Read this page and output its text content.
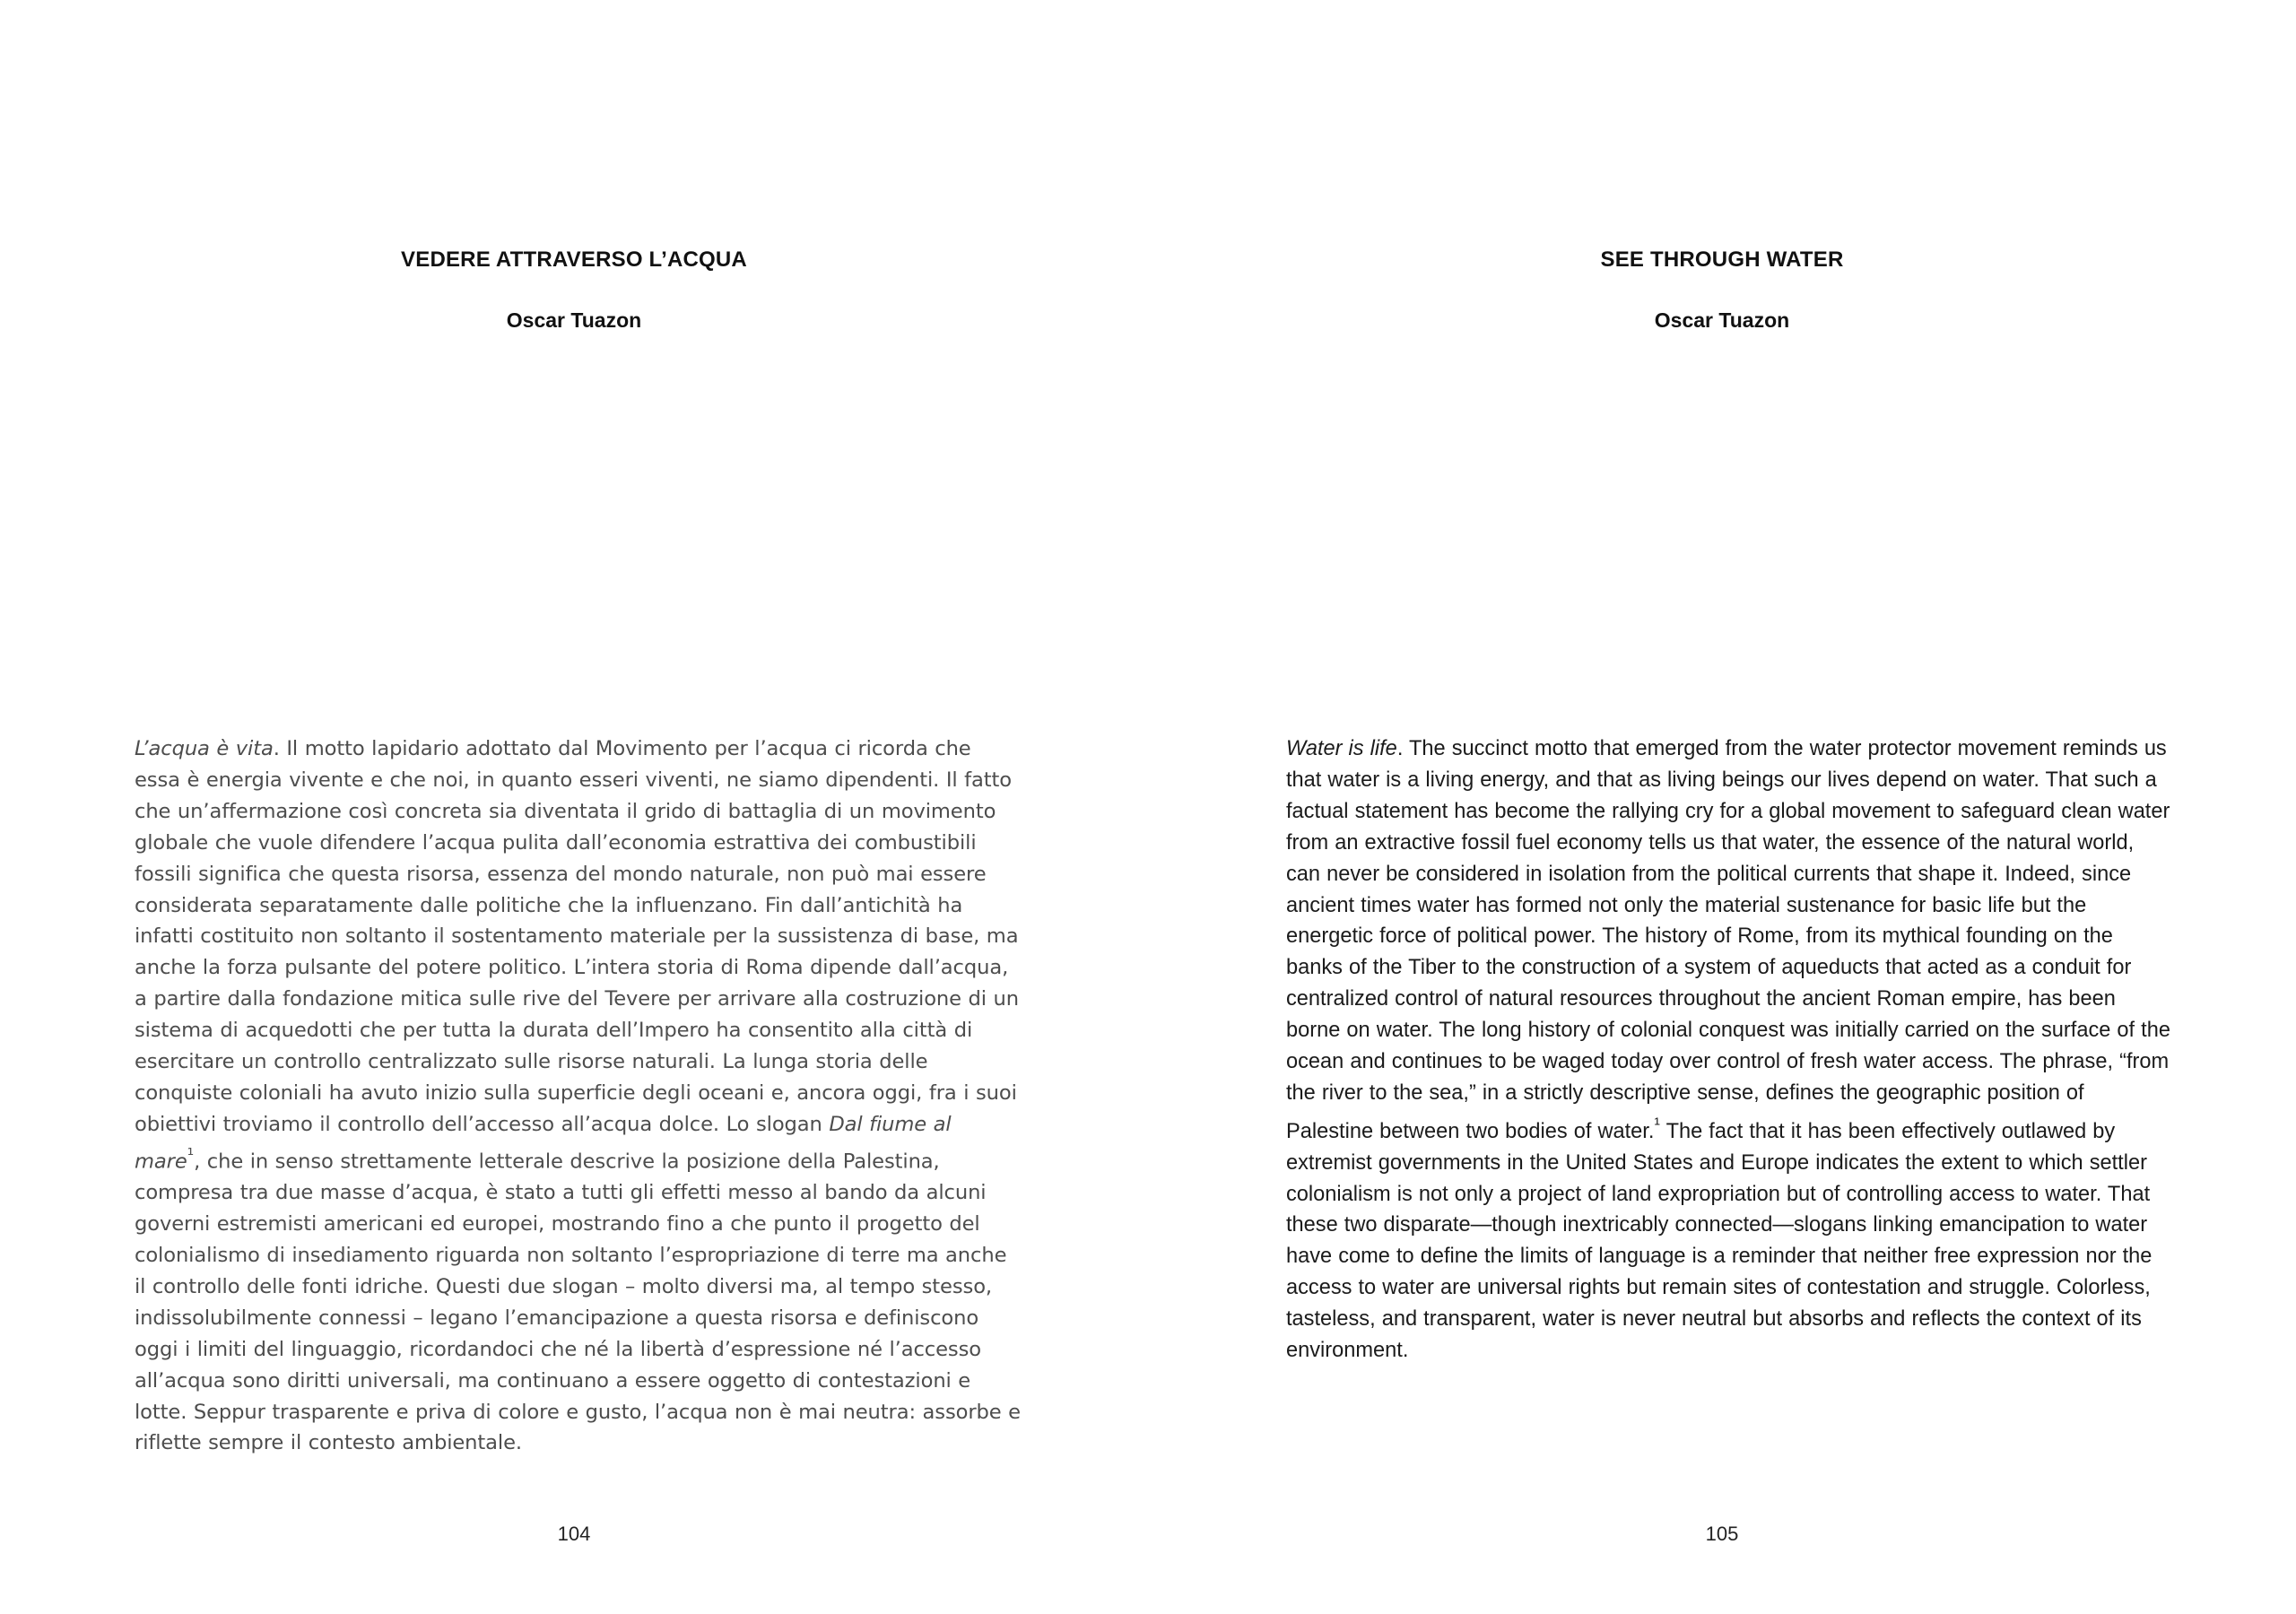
VEDERE ATTRAVERSO L’ACQUA
Oscar Tuazon

L’acqua è vita. Il motto lapidario adottato dal Movimento per l’acqua ci ricorda che essa è energia vivente e che noi, in quanto esseri viventi, ne siamo dipendenti. Il fatto che un’affermazione così concreta sia diventata il grido di battaglia di un movimento globale che vuole difendere l’acqua pulita dall’economia estrattiva dei combustibili fossili significa che questa risorsa, essenza del mondo naturale, non può mai essere considerata separatamente dalle politiche che la influenzano. Fin dall’antichità ha infatti costituito non soltanto il sostentamento materiale per la sussistenza di base, ma anche la forza pulsante del potere politico. L’intera storia di Roma dipende dall’acqua, a partire dalla fondazione mitica sulle rive del Tevere per arrivare alla costruzione di un sistema di acquedotti che per tutta la durata dell’Impero ha consentito alla città di esercitare un controllo centralizzato sulle risorse naturali. La lunga storia delle conquiste coloniali ha avuto inizio sulla superficie degli oceani e, ancora oggi, fra i suoi obiettivi troviamo il controllo dell’accesso all’acqua dolce. Lo slogan Dal fiume al mare$^{^1}$, che in senso strettamente letterale descrive la posizione della Palestina, compresa tra due masse d’acqua, è stato a tutti gli effetti messo al bando da alcuni governi estremisti americani ed europei, mostrando fino a che punto il progetto del colonialismo di insediamento riguarda non soltanto l’espropriazione di terre ma anche il controllo delle fonti idriche. Questi due slogan – molto diversi ma, al tempo stesso, indissolubilmente connessi – legano l’emancipazione a questa risorsa e definiscono oggi i limiti del linguaggio, ricordandoci che né la libertà d’espressione né l’accesso all’acqua sono diritti universali, ma continuano a essere oggetto di contestazioni e lotte. Seppur trasparente e priva di colore e gusto, l’acqua non è mai neutra: assorbe e riflette sempre il contesto ambientale.

104
SEE THROUGH WATER
Oscar Tuazon

Water is life. The succinct motto that emerged from the water protector movement reminds us that water is a living energy, and that as living beings our lives depend on water. That such a factual statement has become the rallying cry for a global movement to safeguard clean water from an extractive fossil fuel economy tells us that water, the essence of the natural world, can never be considered in isolation from the political currents that shape it. Indeed, since ancient times water has formed not only the material sustenance for basic life but the energetic force of political power. The history of Rome, from its mythical founding on the banks of the Tiber to the construction of a system of aqueducts that acted as a conduit for centralized control of natural resources throughout the ancient Roman empire, has been borne on water. The long history of colonial conquest was initially carried on the surface of the ocean and continues to be waged today over control of fresh water access. The phrase, “from the river to the sea,” in a strictly descriptive sense, defines the geographic position of Palestine between two bodies of water.$^{^1}$ The fact that it has been effectively outlawed by extremist governments in the United States and Europe indicates the extent to which settler colonialism is not only a project of land expropriation but of controlling access to water. That these two disparate—though inextricably connected—slogans linking emancipation to water have come to define the limits of language is a reminder that neither free expression nor the access to water are universal rights but remain sites of contestation and struggle. Colorless, tasteless, and transparent, water is never neutral but absorbs and reflects the context of its environment.

105
